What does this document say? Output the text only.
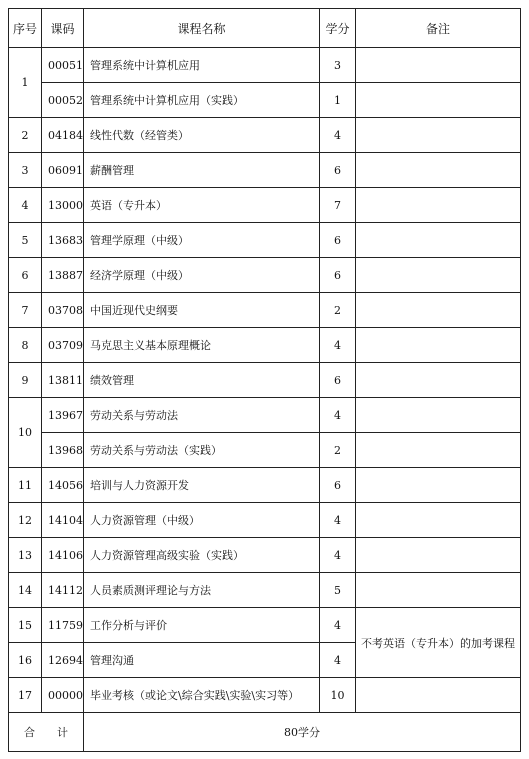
序号	课码	课程名称	学分	备注
1	00051	管理系统中计算机应用	3	
	00052	管理系统中计算机应用（实践）	1	
2	04184	线性代数（经管类）	4	
3	06091	薪酬管理	6	
4	13000	英语（专升本）	7	
5	13683	管理学原理（中级）	6	
6	13887	经济学原理（中级）	6	
7	03708	中国近现代史纲要	2	
8	03709	马克思主义基本原理概论	4	
9	13811	绩效管理	6	
10	13967	劳动关系与劳动法	4	
	13968	劳动关系与劳动法（实践）	2	
11	14056	培训与人力资源开发	6	
12	14104	人力资源管理（中级）	4	
13	14106	人力资源管理高级实验（实践）	4	
14	14112	人员素质测评理论与方法	5	
15	11759	工作分析与评价	4	不考英语（专升本）的加考课程
16	12694	管理沟通	4	
17	00000	毕业考核（或论文\综合实践\实验\实习等）	10	
合　　计		80学分		
